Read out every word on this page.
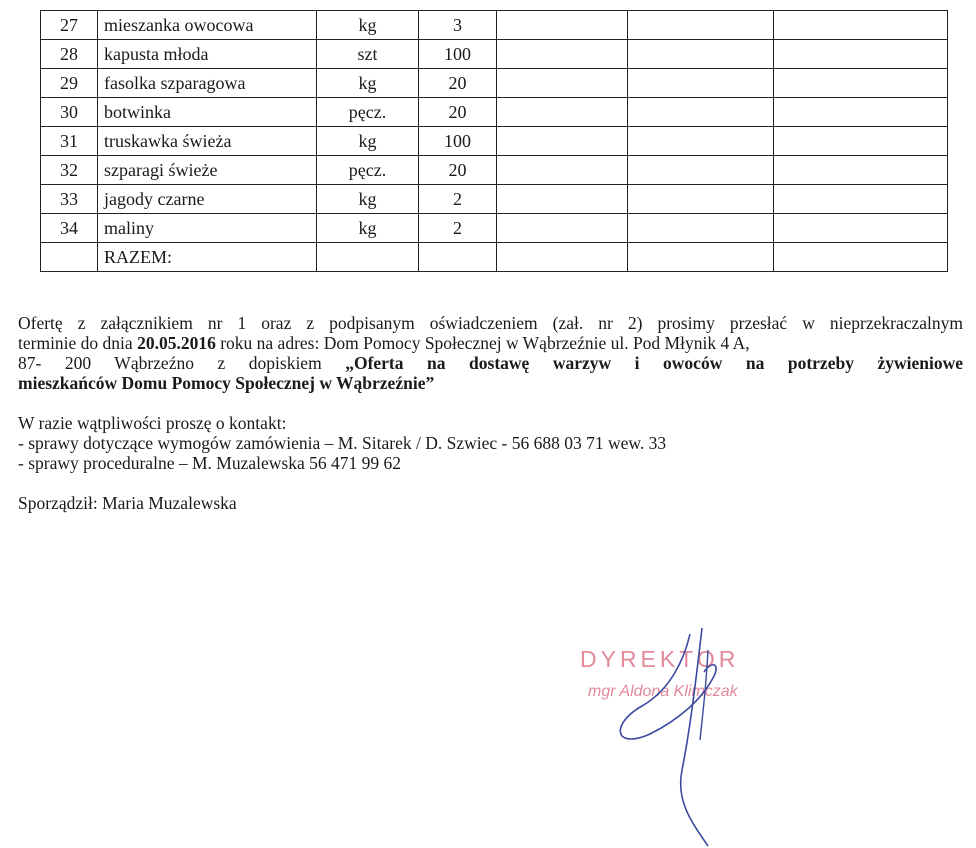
27	mieszanka owocowa	kg	3			
28	kapusta młoda	szt	100			
29	fasolka szparagowa	kg	20			
30	botwinka	pęcz.	20			
31	truskawka świeża	kg	100			
32	szparagi świeże	pęcz.	20			
33	jagody czarne	kg	2			
34	maliny	kg	2			
	RAZEM:					

Ofertę z załącznikiem nr 1 oraz z podpisanym oświadczeniem (zał. nr 2) prosimy przesłać w nieprzekraczalnym

terminie do dnia 20.05.2016 roku na adres: Dom Pomocy Społecznej w Wąbrzeźnie ul. Pod Młynik 4 A,

87- 200 Wąbrzeźno z dopiskiem „Oferta na dostawę warzyw i owoców na potrzeby żywieniowe

mieszkańców Domu Pomocy Społecznej w Wąbrzeźnie”

W razie wątpliwości proszę o kontakt:

- sprawy dotyczące wymogów zamówienia – M. Sitarek / D. Szwiec - 56 688 03 71 wew. 33

- sprawy proceduralne – M. Muzalewska 56 471 99 62

Sporządził: Maria Muzalewska

DYREKTOR
mgr Aldona Klimczak
